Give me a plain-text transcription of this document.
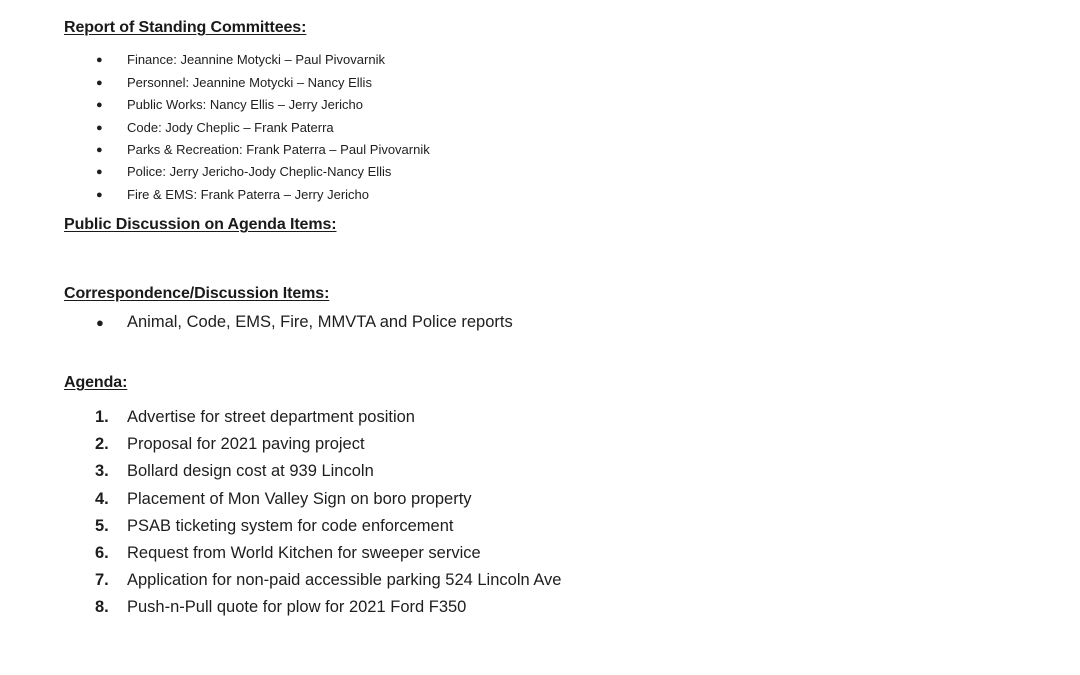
Report of Standing Committees:
● Finance: Jeannine Motycki – Paul Pivovarnik
● Personnel: Jeannine Motycki – Nancy Ellis
● Public Works: Nancy Ellis – Jerry Jericho
● Code: Jody Cheplic – Frank Paterra
● Parks & Recreation: Frank Paterra – Paul Pivovarnik
● Police: Jerry Jericho-Jody Cheplic-Nancy Ellis
● Fire & EMS: Frank Paterra – Jerry Jericho
Public Discussion on Agenda Items:
Correspondence/Discussion Items:
● Animal, Code, EMS, Fire, MMVTA and Police reports
Agenda:
1. Advertise for street department position
2. Proposal for 2021 paving project
3. Bollard design cost at 939 Lincoln
4. Placement of Mon Valley Sign on boro property
5. PSAB ticketing system for code enforcement
6. Request from World Kitchen for sweeper service
7. Application for non-paid accessible parking 524 Lincoln Ave
8. Push-n-Pull quote for plow for 2021 Ford F350
